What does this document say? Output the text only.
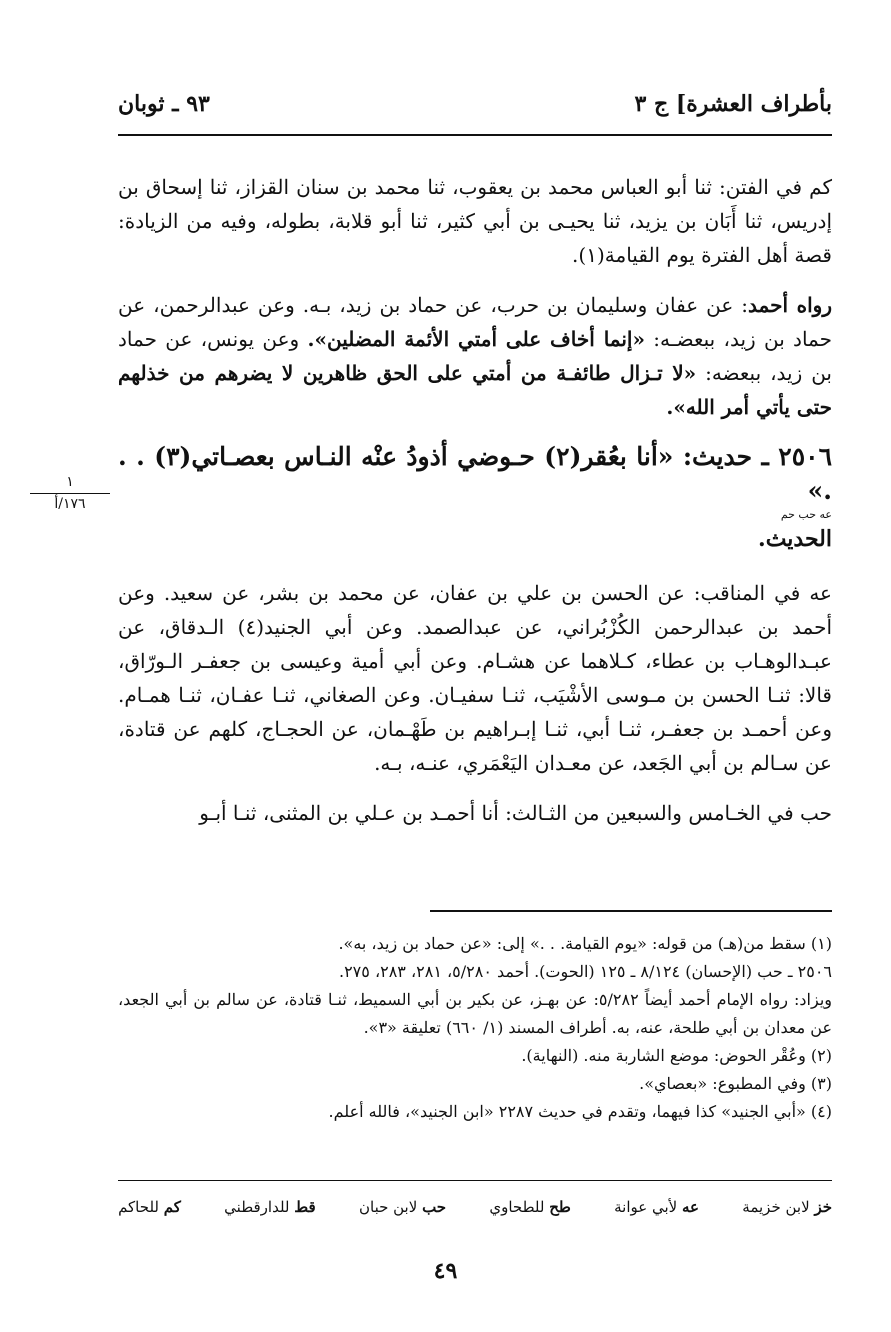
٩٣ ـ ثوبان	بأطراف العشرة] ج ٣

كم في الفتن: ثنا أبو العباس محمد بن يعقوب، ثنا محمد بن سنان القزاز، ثنا إسحاق بن إدريس، ثنا أَبَان بن يزيد، ثنا يحيـى بن أبي كثير، ثنا أبو قلابة، بطوله، وفيه من الزيادة: قصة أهل الفترة يوم القيامة(١).

رواه أحمد: عن عفان وسليمان بن حرب، عن حماد بن زيد، بـه. وعن عبدالرحمن، عن حماد بن زيد، ببعضـه: «إنما أخاف على أمتي الأئمة المضلين». وعن يونس، عن حماد بن زيد، ببعضه: «لا تـزال طائفـة من أمتي على الحق ظاهرين لا يضرهم من خذلهم حتى يأتي أمر الله».

٢٥٠٦ ـ حديث: «أنا بعُقر(٢) حـوضي أذودُ عنْه النـاس بعصـاتي(٣) . . .»
عه حب حم
الحديث.

عه في المناقب: عن الحسن بن علي بن عفان، عن محمد بن بشر، عن سعيد. وعن أحمد بن عبدالرحمن الكُزْبُراني، عن عبدالصمد. وعن أبي الجنيد(٤) الـدقاق، عن عبـدالوهـاب بن عطاء، كـلاهما عن هشـام. وعن أبي أمية وعيسى بن جعفـر الـورّاق، قالا: ثنـا الحسن بن مـوسى الأشْيَب، ثنـا سفيـان. وعن الصغاني، ثنـا عفـان، ثنـا همـام. وعن أحمـد بن جعفـر، ثنـا أبي، ثنـا إبـراهيم بن طَهْـمان، عن الحجـاج، كلهم عن قتادة، عن سـالم بن أبي الجَعد، عن معـدان اليَعْمَري، عنـه، بـه.

حب في الخـامس والسبعين من الثـالث: أنا أحمـد بن عـلي بن المثنى، ثنـا أبـو

١
١٧٦/أ

(١) سقط من(هـ) من قوله: «يوم القيامة. . .» إلى: «عن حماد بن زيد، به».

٢٥٠٦ ـ حب (الإحسان) ٨/١٢٤ ـ ١٢٥ (الحوت). أحمد ٥/٢٨٠، ٢٨١، ٢٨٣، ٢٧٥.

ويزاد: رواه الإمام أحمد أيضاً ٥/٢٨٢: عن بهـز، عن بكير بن أبي السميط، ثنـا قتادة، عن سالم بن أبي الجعد، عن معدان بن أبي طلحة، عنه، به. أطراف المسند (١/ ٦٦٠) تعليقة «٣».

(٢) وعُقْر الحوض: موضع الشاربة منه. (النهاية).

(٣) وفي المطبوع: «بعصاي».

(٤) «أبي الجنيد» كذا فيهما، وتقدم في حديث ٢٢٨٧ «ابن الجنيد»، فالله أعلم.

خز لابن خزيمة
عه لأبي عوانة
طح للطحاوي
حب لابن حبان
قط للدارقطني
كم للحاكم
٤٩
